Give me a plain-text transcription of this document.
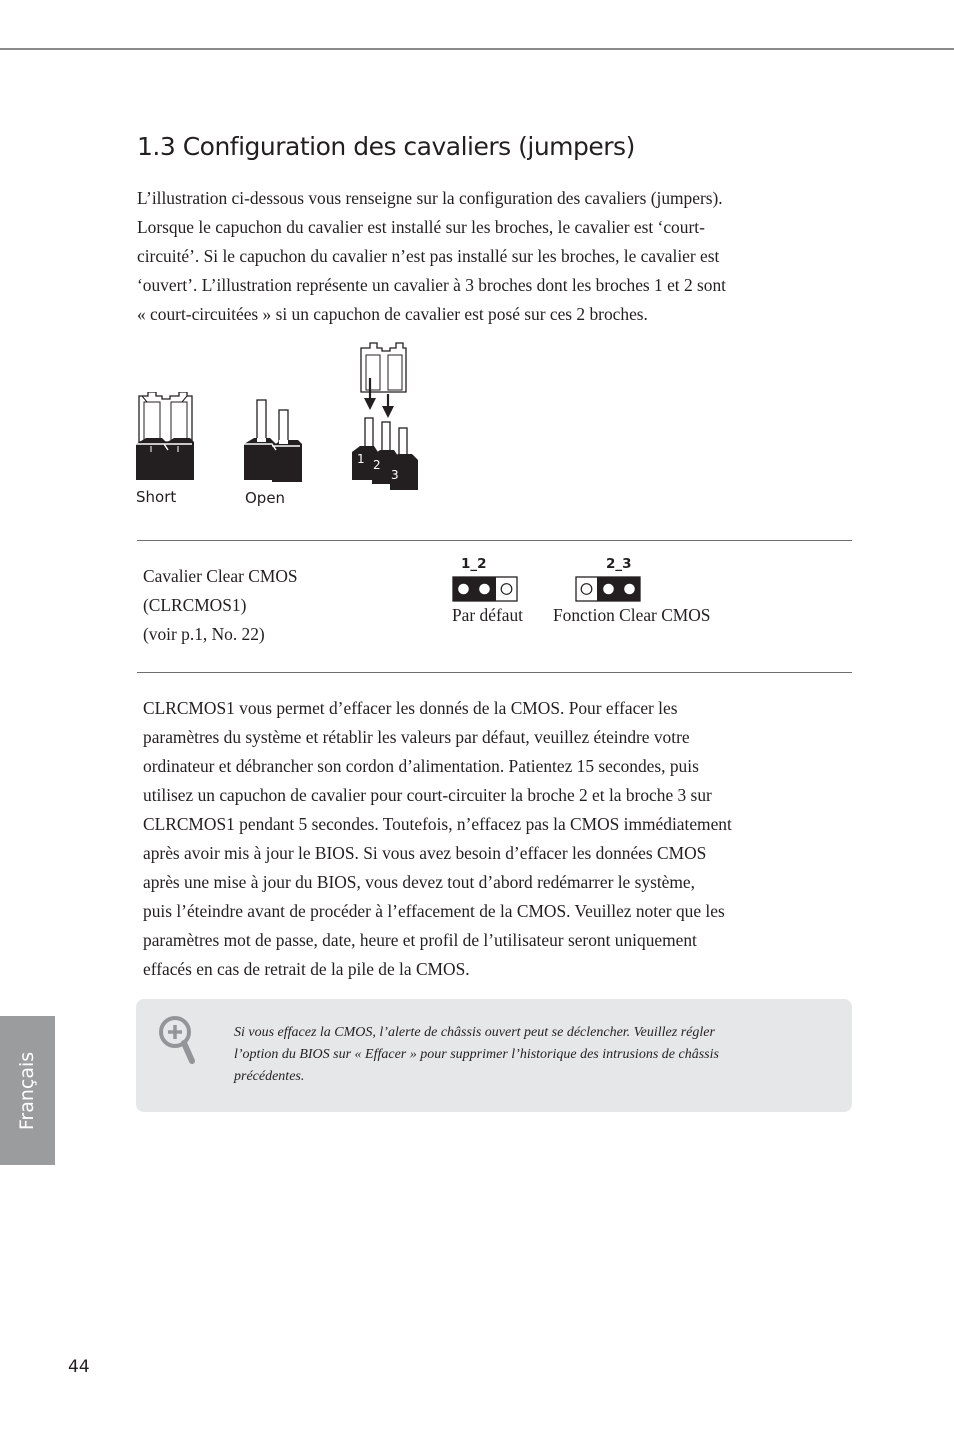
1.3 Configuration des cavaliers (jumpers)

L’illustration ci-dessous vous renseigne sur la configuration des cavaliers (jumpers).
Lorsque le capuchon du cavalier est installé sur les broches, le cavalier est ‘court-
circuité’. Si le capuchon du cavalier n’est pas installé sur les broches, le cavalier est
‘ouvert’. L’illustration représente un cavalier à 3 broches dont les broches 1 et 2 sont
« court-circuitées » si un capuchon de cavalier est posé sur ces 2 broches.

Short	Open
1 2
3
Cavalier Clear CMOS
(CLRCMOS1)
(voir p.1, No. 22)
1_2
Par défaut
2_3
Fonction Clear CMOS

CLRCMOS1 vous permet d’effacer les donnés de la CMOS. Pour effacer les
paramètres du système et rétablir les valeurs par défaut, veuillez éteindre votre
ordinateur et débrancher son cordon d’alimentation. Patientez 15 secondes, puis
utilisez un capuchon de cavalier pour court-circuiter la broche 2 et la broche 3 sur
CLRCMOS1 pendant 5 secondes. Toutefois, n’effacez pas la CMOS immédiatement
après avoir mis à jour le BIOS. Si vous avez besoin d’effacer les données CMOS
après une mise à jour du BIOS, vous devez tout d’abord redémarrer le système,
puis l’éteindre avant de procéder à l’effacement de la CMOS. Veuillez noter que les
paramètres mot de passe, date, heure et profil de l’utilisateur seront uniquement
effacés en cas de retrait de la pile de la CMOS.

Si vous effacez la CMOS, l’alerte de châssis ouvert peut se déclencher. Veuillez régler
l’option du BIOS sur « Effacer » pour supprimer l’historique des intrusions de châssis
précédentes.

Français
44
